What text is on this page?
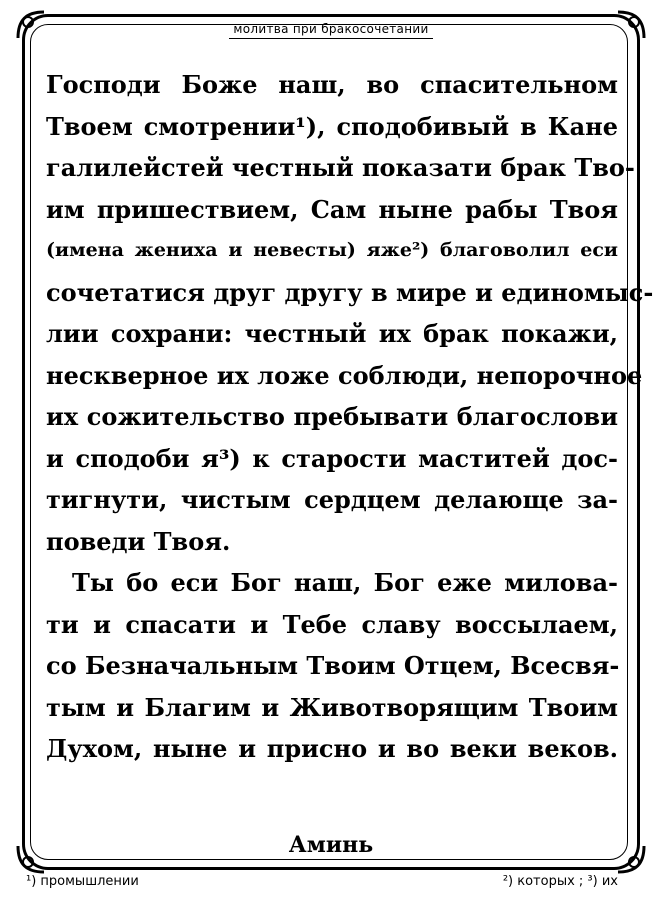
молитва при бракосочетании
Господи Боже наш, во спасительном
Твоем смотрении¹), сподобивый в Кане
галилейстей честный показати брак Тво-
им пришествием, Сам ныне рабы Твоя
(имена жениха и невесты) яже²) благоволил еси
сочетатися друг другу в мире и единомыс-
лии сохрани: честный их брак покажи,
нескверное их ложе соблюди, непорочное
их сожительство пребывати благослови
и сподоби я³) к старости маститей дос-
тигнути, чистым сердцем делающе за-
поведи Твоя.
Ты бо еси Бог наш, Бог еже милова-
ти и спасати и Тебе славу воссылаем,
со Безначальным Твоим Отцем, Всесвя-
тым и Благим и Животворящим Твоим
Духом, ныне и присно и во веки веков.
Аминь
¹) промышлении	²) которых ; ³) их
